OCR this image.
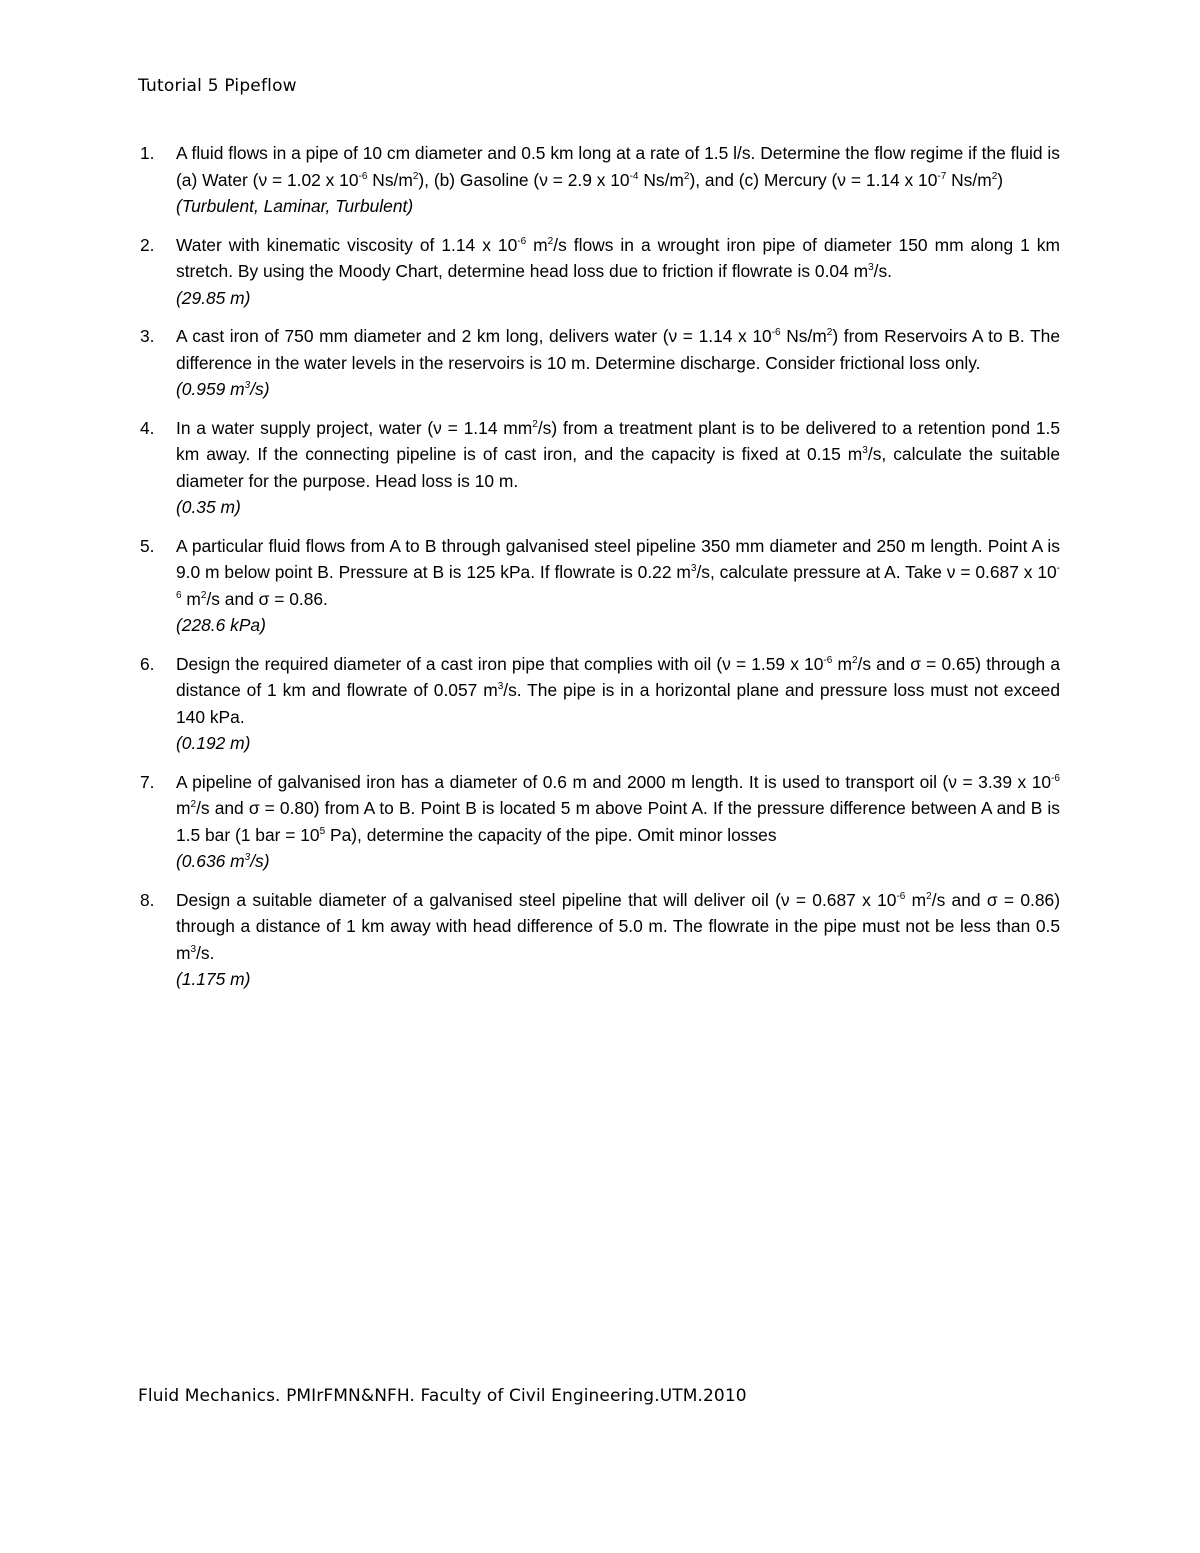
Tutorial 5 Pipeflow
1. A fluid flows in a pipe of 10 cm diameter and 0.5 km long at a rate of 1.5 l/s. Determine the flow regime if the fluid is (a) Water (ν = 1.02 x $10^{-6}$ $Ns/m^2$), (b) Gasoline (ν = 2.9 x $10^{-4}$ $Ns/m^2$), and (c) Mercury (ν = 1.14 x $10^{-7}$ $Ns/m^2$)
(Turbulent, Laminar, Turbulent)
2. Water with kinematic viscosity of 1.14 x $10^{-6}$ $m^2/s$ flows in a wrought iron pipe of diameter 150 mm along 1 km stretch. By using the Moody Chart, determine head loss due to friction if flowrate is 0.04 $m^3/s$.
(29.85 m)
3. A cast iron of 750 mm diameter and 2 km long, delivers water (ν = 1.14 x $10^{-6}$ $Ns/m^2$) from Reservoirs A to B. The difference in the water levels in the reservoirs is 10 m. Determine discharge. Consider frictional loss only.
(0.959 $m^3/s$)
4. In a water supply project, water (ν = 1.14 $mm^2/s$) from a treatment plant is to be delivered to a retention pond 1.5 km away. If the connecting pipeline is of cast iron, and the capacity is fixed at 0.15 $m^3/s$, calculate the suitable diameter for the purpose. Head loss is 10 m.
(0.35 m)
5. A particular fluid flows from A to B through galvanised steel pipeline 350 mm diameter and 250 m length. Point A is 9.0 m below point B. Pressure at B is 125 kPa. If flowrate is 0.22 $m^3/s$, calculate pressure at A. Take ν = 0.687 x $10^{-6}$ $m^2/s$ and σ = 0.86.
(228.6 kPa)
6. Design the required diameter of a cast iron pipe that complies with oil (ν = 1.59 x $10^{-6}$ $m^2/s$ and σ = 0.65) through a distance of 1 km and flowrate of 0.057 $m^3/s$. The pipe is in a horizontal plane and pressure loss must not exceed 140 kPa.
(0.192 m)
7. A pipeline of galvanised iron has a diameter of 0.6 m and 2000 m length. It is used to transport oil (ν = 3.39 x $10^{-6}$ $m^2/s$ and σ = 0.80) from A to B. Point B is located 5 m above Point A. If the pressure difference between A and B is 1.5 bar (1 bar = $10^5$ Pa), determine the capacity of the pipe. Omit minor losses
(0.636 $m^3/s$)
8. Design a suitable diameter of a galvanised steel pipeline that will deliver oil (ν = 0.687 x $10^{-6}$ $m^2/s$ and σ = 0.86) through a distance of 1 km away with head difference of 5.0 m. The flowrate in the pipe must not be less than 0.5 $m^3/s$.
(1.175 m)
Fluid Mechanics. PMIrFMN&NFH. Faculty of Civil Engineering.UTM.2010
